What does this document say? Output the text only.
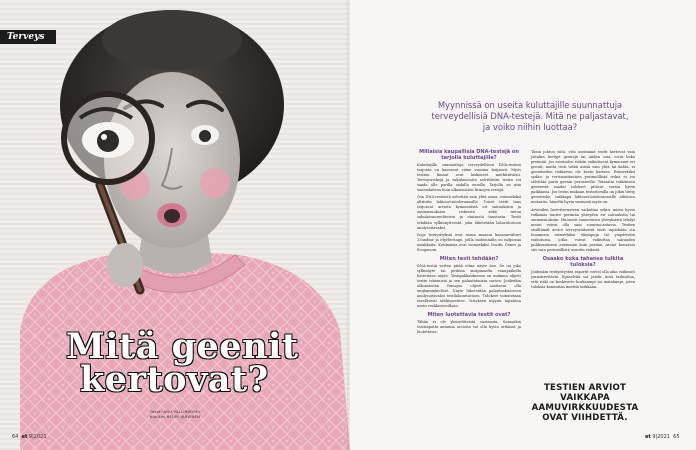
Terveys
Mitä geenit
kertovat?
Teksti ANU VALLINKOSKI
Kuvitus HELMI JÄRVINEN
64 et 9|2021
Myynnissä on useita kuluttajille suunnattuja terveydellisiä DNA-testejä. Mitä ne paljastavat, ja voiko niihin luottaa?
Millaisia kaupallisia DNA-testejä on tarjolla kuluttajille?

Kuluttajille suunnattuja terveydellisen DNA-testien tarjonta on kasvanut viime vuosina huijaasti. Myös testien hinnat ovat laskeneet merkittävästi. Terveysriskejä ja sukulaisuutta selvittävän testin voi saada alle parilla sadalla eurolla. Tarjolla on niin suomalaisten kuin ulkomaisten firmojen testejä.

Osa DNA-testeistä selvittää vain yhtä asiaa, esimerkiksi alttiutta laktoosi-intoleranssille. Toiset testit taas tarjoavat arviota kymmenistä eri sairauksien ja ominaisuuksien riskeistä sekä tietoa sukulaisuussuhteista ja etnisestä taustasta. Testit tehdään sylkinäytteestä, joka lähetetään laboratorioon analysoitavaksi.

Isoja testiyrityksiä ovat muun muassa kansainväliset 23andme ja MyHeritage, joilla molemmilla on miljoonia asiakkaita. Kotimaisia ovat esimerkiksi Nordic Genes ja Evogenom.

Miten testi tehdään?

DNA-testiä varten pitää ottaa näyte itse. Se on joko sylkinäyte tai poskion sisäpinnalta vanupuikolla hierottava näyte. Testipakkauksessa on mukana ohjeet testin tekemistä ja sen palauttamista varten. Joidenkin ulkomaisten firmojen ohjeet saattavat olla englanninkieliset. Näyte lähetetään palautuskuoressa analysoitavaksi testilaboratorioon. Tulokset toimitetaan tavallisesti sähköpostitse. Yrityksen myynti tapahtuu usein verkkosivuillaan.

Miten luotettavia testit ovat?

Tähän ei ole yksiselitteistä vastausta. Samankin testitapotin antamia arvioita voi olla hyvin erilaiset ja luotettavia.

Tämä johtuu siitä, että useimmat testit kertovat vain joitakin tiettyjä geenejä tai niiden osia, eivät koko perimää. Jos sairauden riskiin vaikuttavat kymmenet eri geenit, mutta testi tutkii niistä vain yhtä tai kahta, ei geenitiedon riskiarvio ole kovin kattava. Esimerkiksi sydän- ja verisuonitautien perinnöllistä riskiä ei voi selvittää parin geenin perusteella. Toisaalta tutkituista geeneistä saadut tulokset pitävät varsin hyvin paikkansa. Jos testin mukaan testattavalla on jokin tietty geenivirhe, vaikkapa laktoosi-intoleranssille altistava mutaatio, häneltä hyvin varmasti myös on.

Arvioiden luotettavuuteen vaikuttaa sekin, miten hyvin tutkimus tuntee perimän yhteyden eri sairauksiin tai ominaisuuksiin. Huonosti tunnetuista yhteyksistä tehdyt arviot voivat olla vain suuntaa-antavia. Testien sisältämät arviot terveysriskeistä eivät myöskään ota huomioon esimerkiksi elintapoja tai ympäristön vaikutusta, jotka voivat vaikuttaa sairauden puhkeamiseen enemmän kuin perimä. Arviot kuvaavat siis vain perinnöllistä osuutta riskistä.

Osaako kuka tahansa tulkita tuloksia?

Joidenkin testiyritysten raportit voivat olla aika vaikeasti ymmärrettäviä. Epäselvää voi jäädä, mitä tarkoittaa, että riski on keskiverto korkeampi tai matalampi, joten tuloksia kannattaa miettiä tarkkaan.

TESTIEN ARVIOT VAIKKAPA AAMUVIRKKUUDESTA OVAT VIIHDETTÄ.
et 9|2021 65
